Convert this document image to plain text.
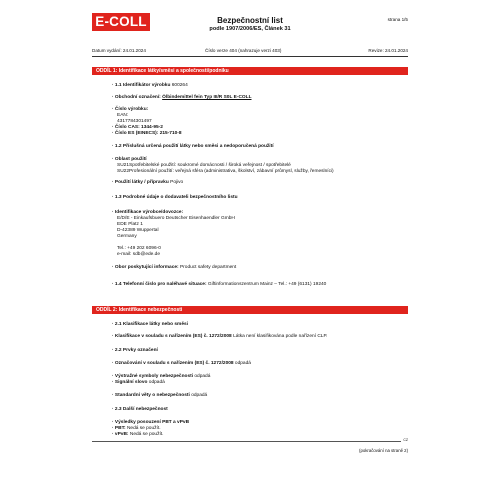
E-COLL	Bezpečnostní list
podle 1907/2006/ES, Článek 31
strana 1/5
Datum vydání: 24.01.2024	Číslo verze 404 (nahrazuje verzi 403)	Revize: 24.01.2024
ODDÍL 1: Identifikace látky/směsi a společnosti/podniku
· 1.1 Identifikátor výrobku 600264
· Obchodní označení: Ölbindemittel fein Typ III/R S0L E-COLL
· Číslo výrobku:
EAN:
4317784301497
· Číslo CAS: 1344-95-2
· Číslo ES (EINECS): 215-710-8
· 1.2 Příslušná určená použití látky nebo směsi a nedoporučená použití
· Oblast použití
SU21Spotřebitelské použití: soukromé domácnosti / široká veřejnost / spotřebitelé
SU22Profesionální použití: veřejná sféra (administrativa, školství, zábavní průmysl, služby, řemeslníci)
· Použití látky / přípravku Pojivo
· 1.3 Podrobné údaje o dodavateli bezpečnostního listu
· Identifikace výrobce/dovozce:
E/D/E - Einkaufsbuero Deutscher Eisenhaendler GmbH
EDE Platz 1
D-42389 Wuppertal
Germany
Tel.: +49 202 6096-0
e-mail: sdb@ede.de
· Obor poskytující informace: Product safety department
· 1.4 Telefonní číslo pro naléhavé situace: Giftinformationszentrum Mainz – Tel.: +49 (6131) 19240
ODDÍL 2: Identifikace nebezpečnosti
· 2.1 Klasifikace látky nebo směsi
· Klasifikace v souladu s nařízením (ES) č. 1272/2008 Látka není klasifikována podle nařízení CLP.
· 2.2 Prvky označení
· Označování v souladu s nařízením (ES) č. 1272/2008 odpadá
· Výstražné symboly nebezpečnosti odpadá
· Signální slovo odpadá
· Standardní věty o nebezpečnosti odpadá
· 2.3 Další nebezpečnost
· Výsledky posouzení PBT a vPvB
· PBT: Nedá se použít.
· vPvB: Nedá se použít.
CZ
(pokračování na straně 2)
